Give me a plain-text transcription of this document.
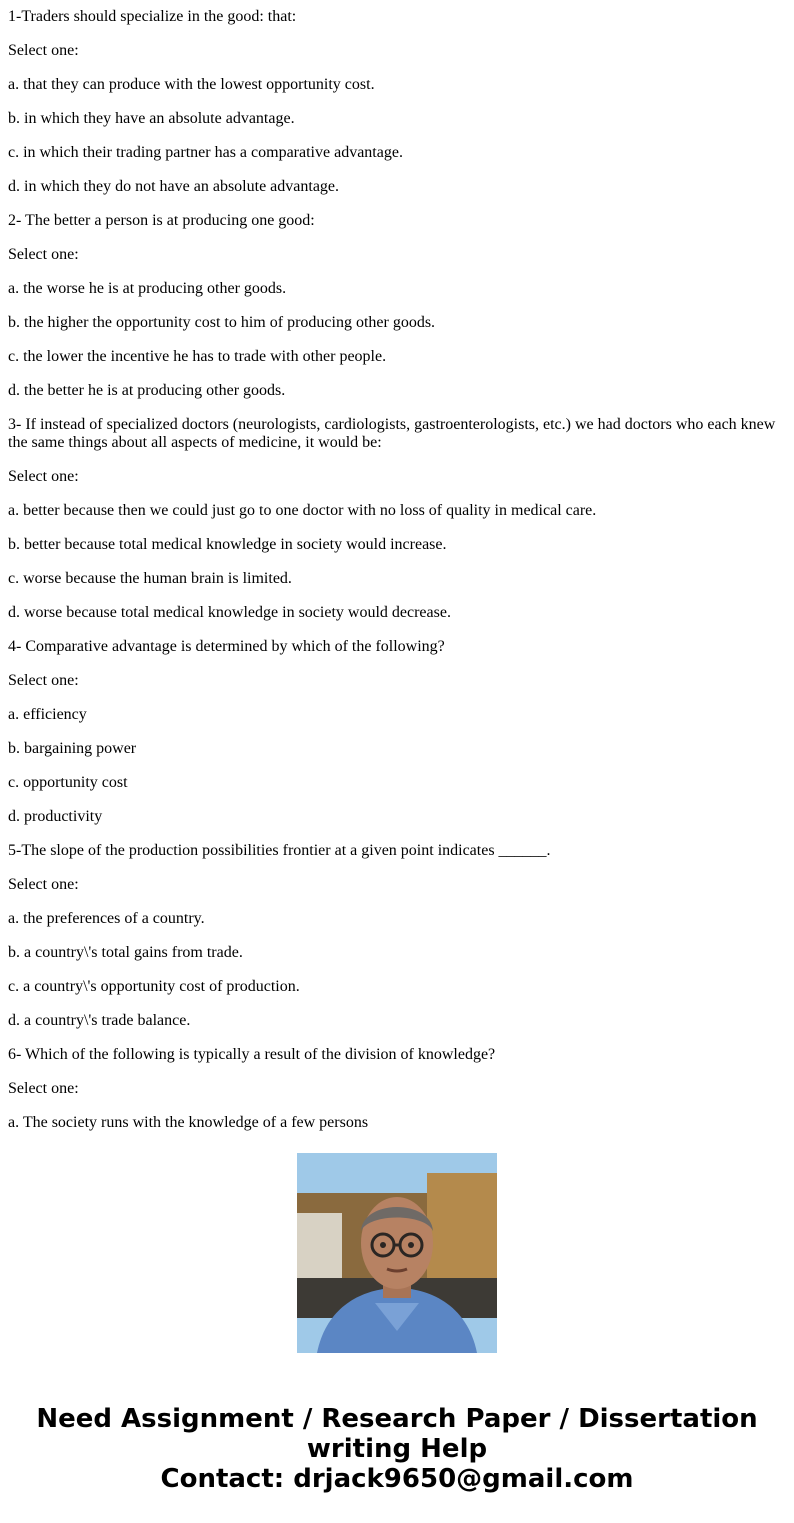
1-Traders should specialize in the good: that:

Select one:

a. that they can produce with the lowest opportunity cost.

b. in which they have an absolute advantage.

c. in which their trading partner has a comparative advantage.

d. in which they do not have an absolute advantage.

2- The better a person is at producing one good:

Select one:

a. the worse he is at producing other goods.

b. the higher the opportunity cost to him of producing other goods.

c. the lower the incentive he has to trade with other people.

d. the better he is at producing other goods.

3- If instead of specialized doctors (neurologists, cardiologists, gastroenterologists, etc.) we had doctors who each knew the same things about all aspects of medicine, it would be:

Select one:

a. better because then we could just go to one doctor with no loss of quality in medical care.

b. better because total medical knowledge in society would increase.

c. worse because the human brain is limited.

d. worse because total medical knowledge in society would decrease.

4- Comparative advantage is determined by which of the following?

Select one:

a. efficiency

b. bargaining power

c. opportunity cost

d. productivity

5-The slope of the production possibilities frontier at a given point indicates ______.

Select one:

a. the preferences of a country.

b. a country\'s total gains from trade.

c. a country\'s opportunity cost of production.

d. a country\'s trade balance.

6- Which of the following is typically a result of the division of knowledge?

Select one:

a. The society runs with the knowledge of a few persons

Need Assignment / Research Paper / Dissertation
writing Help
Contact: drjack9650@gmail.com
